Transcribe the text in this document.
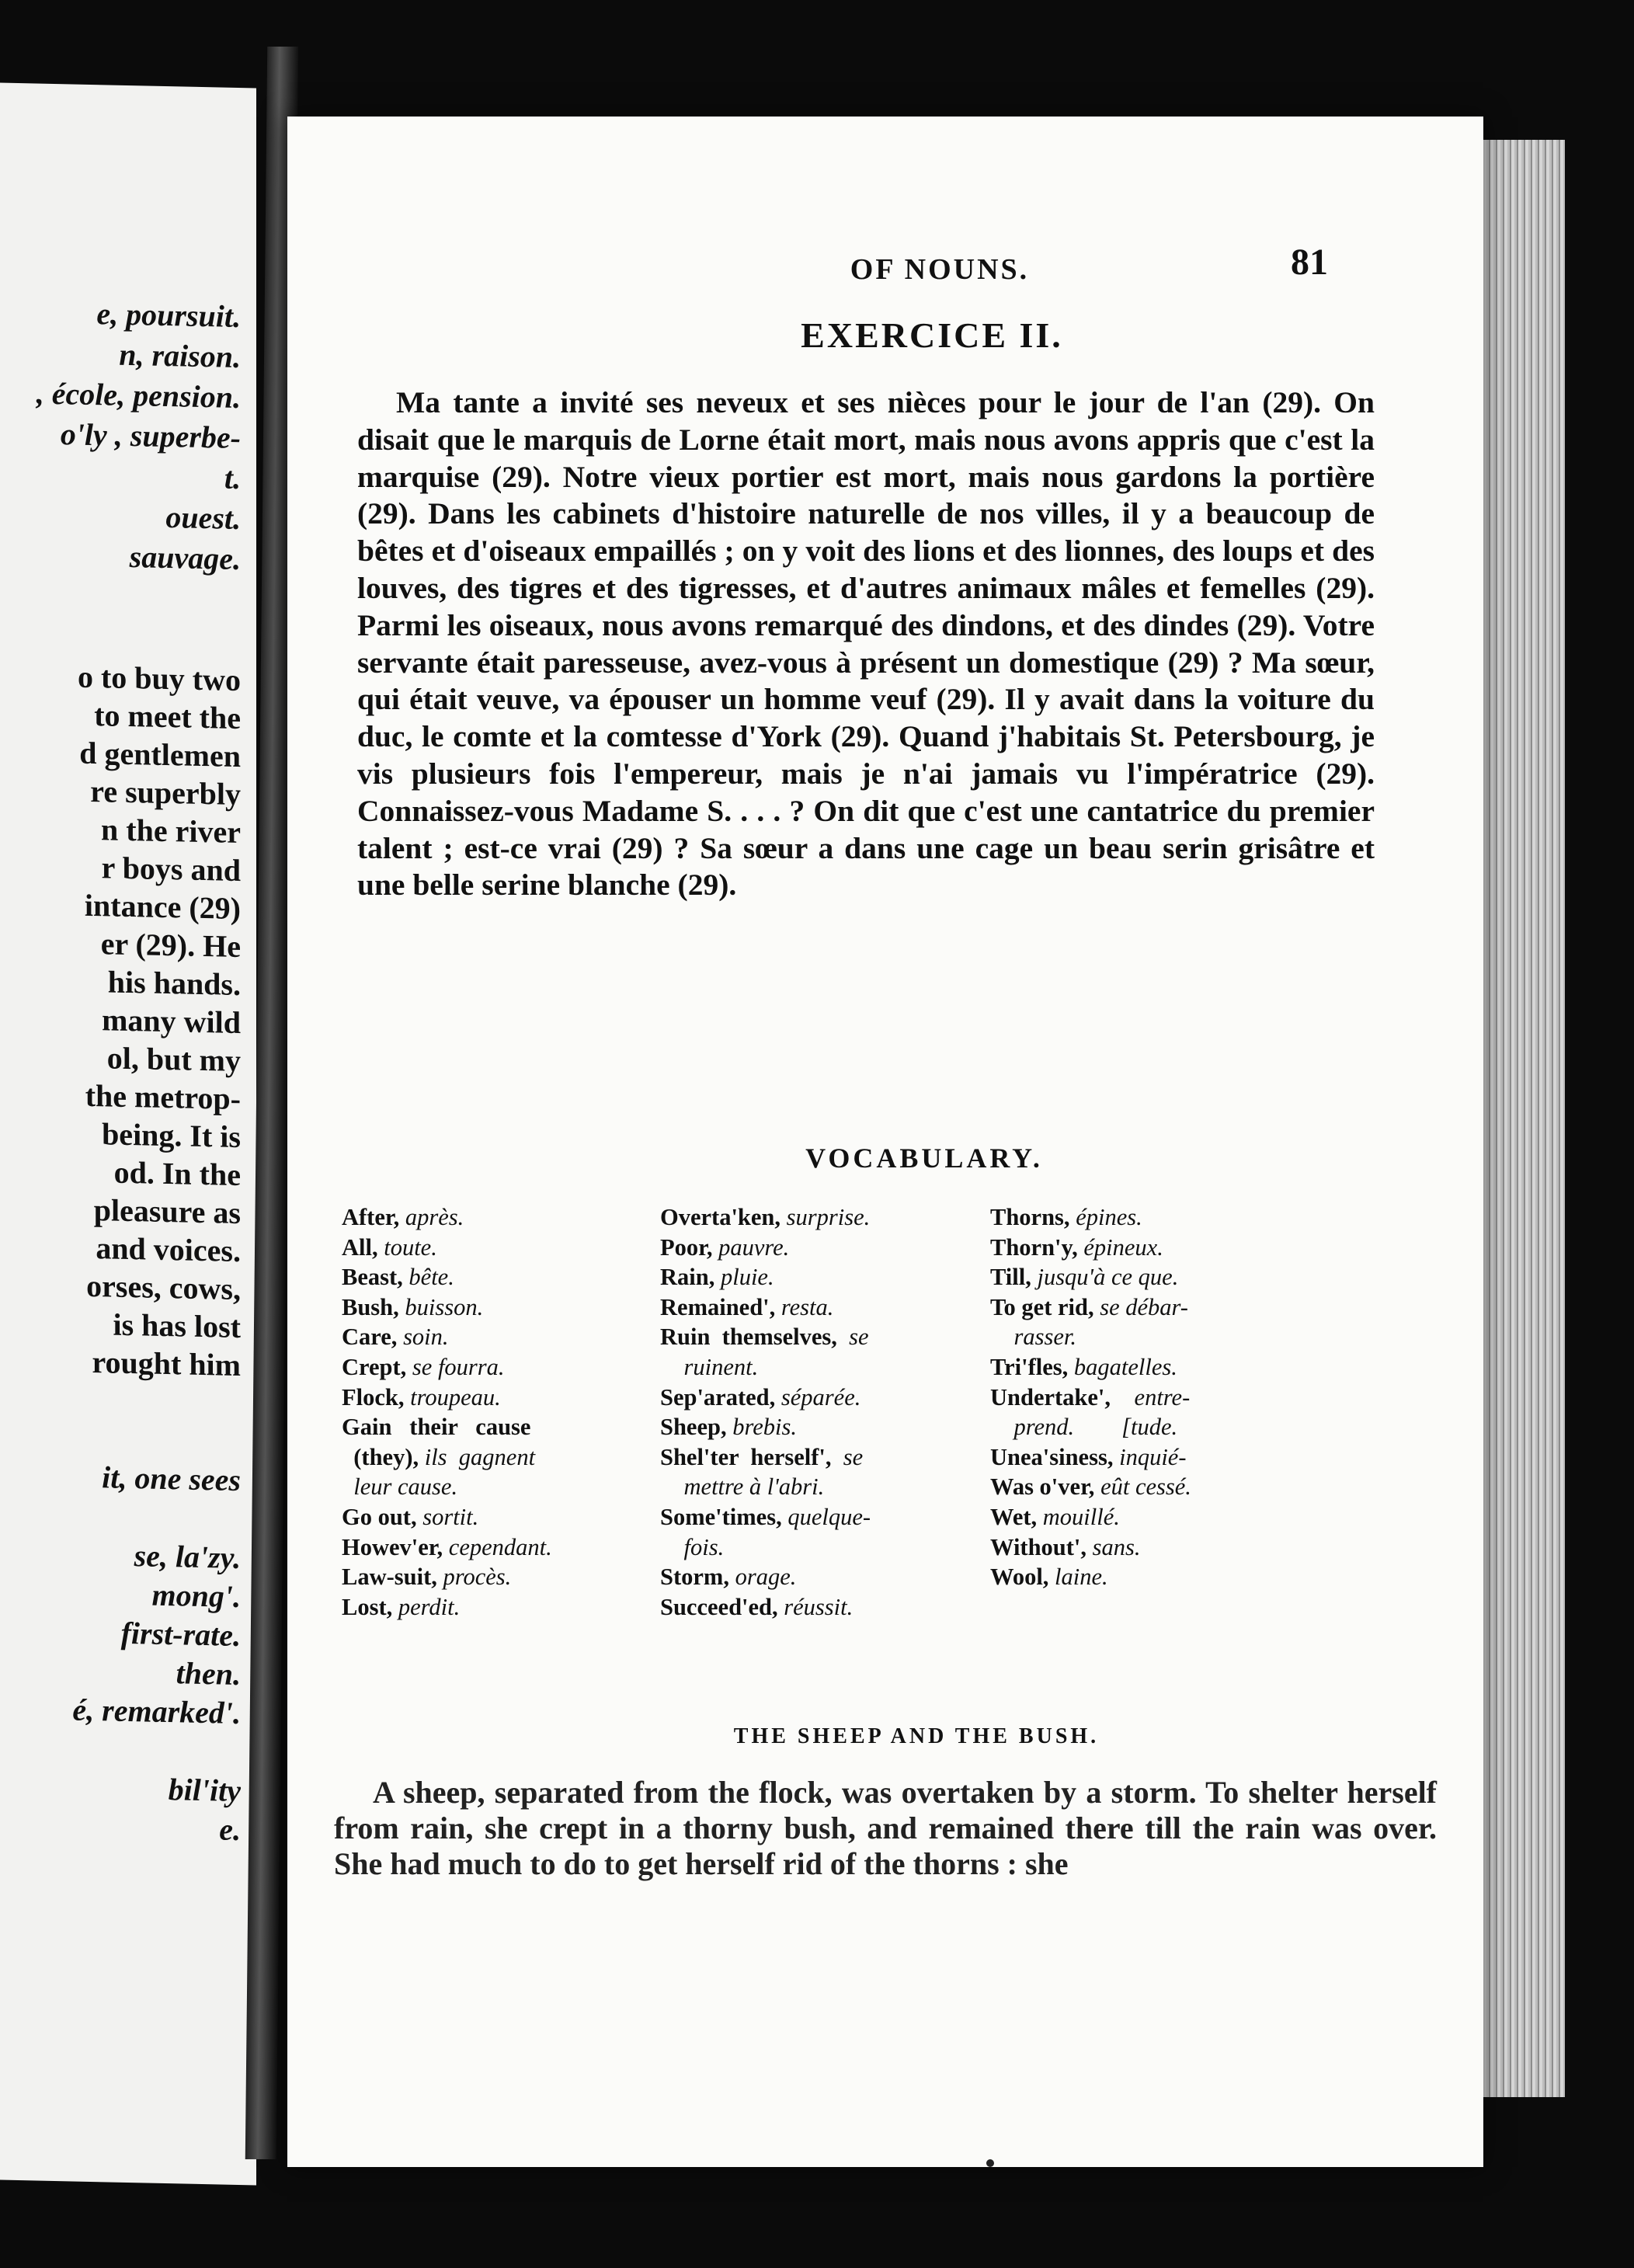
e, poursuit.
n, raison.
, école, pension.
o'ly , superbe-
t.
ouest.
sauvage.
o to buy two
to meet the
d gentlemen
re superbly
n the river
r boys and
intance (29)
er (29). He
his hands.
many wild
ol, but my
the metrop-
being. It is
od. In the
pleasure as
and voices.
orses, cows,
is has lost
rought him
it, one sees
se, la'zy.
mong'.
first-rate.
then.
é, remarked'.
bil'ity
e.
OF NOUNS.	81
EXERCICE II.

Ma tante a invité ses neveux et ses nièces pour le jour de l'an (29). On disait que le marquis de Lorne était mort, mais nous avons appris que c'est la marquise (29). Notre vieux portier est mort, mais nous gardons la portière (29). Dans les cabinets d'histoire naturelle de nos villes, il y a beaucoup de bêtes et d'oiseaux empaillés ; on y voit des lions et des lionnes, des loups et des louves, des tigres et des tigresses, et d'autres animaux mâles et femelles (29). Parmi les oiseaux, nous avons remarqué des dindons, et des dindes (29). Votre servante était paresseuse, avez-vous à présent un domestique (29) ? Ma sœur, qui était veuve, va épouser un homme veuf (29). Il y avait dans la voiture du duc, le comte et la comtesse d'York (29). Quand j'habitais St. Petersbourg, je vis plusieurs fois l'empereur, mais je n'ai jamais vu l'impératrice (29). Connaissez-vous Madame S. . . . ? On dit que c'est une cantatrice du premier talent ; est-ce vrai (29) ? Sa sœur a dans une cage un beau serin grisâtre et une belle serine blanche (29).

VOCABULARY.
After, après.
All, toute.
Beast, bête.
Bush, buisson.
Care, soin.
Crept, se fourra.
Flock, troupeau.
Gain   their   cause
(they), ils  gagnent
leur cause.
Go out, sortit.
Howev'er, cependant.
Law-suit, procès.
Lost, perdit.
Overta'ken, surprise.
Poor, pauvre.
Rain, pluie.
Remained', resta.
Ruin  themselves,  se
ruinent.
Sep'arated, séparée.
Sheep, brebis.
Shel'ter  herself',  se
mettre à l'abri.
Some'times, quelque-
fois.
Storm, orage.
Succeed'ed, réussit.
Thorns, épines.
Thorn'y, épineux.
Till, jusqu'à ce que.
To get rid, se débar-
rasser.
Tri'fles, bagatelles.
Undertake',    entre-
prend.        [tude.
Unea'siness, inquié-
Was o'ver, eût cessé.
Wet, mouillé.
Without', sans.
Wool, laine.
THE SHEEP AND THE BUSH.

A sheep, separated from the flock, was overtaken by a storm. To shelter herself from rain, she crept in a thorny bush, and remained there till the rain was over. She had much to do to get herself rid of the thorns : she
